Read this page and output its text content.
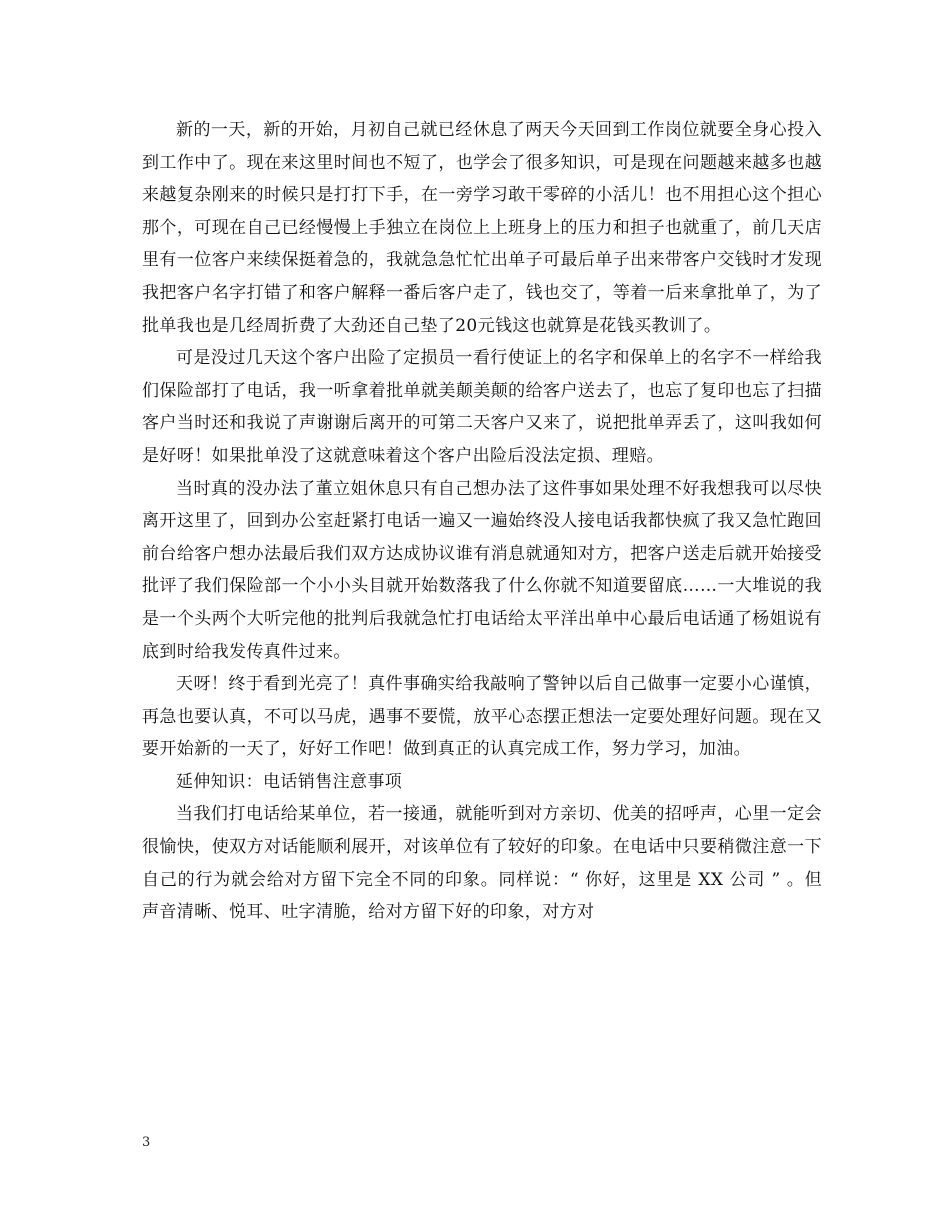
新的一天，新的开始，月初自己就已经休息了两天今天回到工作岗位就要全身心投入到工作中了。现在来这里时间也不短了，也学会了很多知识，可是现在问题越来越多也越来越复杂刚来的时候只是打打下手，在一旁学习敢干零碎的小活儿！也不用担心这个担心那个，可现在自己已经慢慢上手独立在岗位上上班身上的压力和担子也就重了，前几天店里有一位客户来续保挺着急的，我就急急忙忙出单子可最后单子出来带客户交钱时才发现我把客户名字打错了和客户解释一番后客户走了，钱也交了，等着一后来拿批单了，为了批单我也是几经周折费了大劲还自己垫了20元钱这也就算是花钱买教训了。

可是没过几天这个客户出险了定损员一看行使证上的名字和保单上的名字不一样给我们保险部打了电话，我一听拿着批单就美颠美颠的给客户送去了，也忘了复印也忘了扫描客户当时还和我说了声谢谢后离开的可第二天客户又来了，说把批单弄丢了，这叫我如何是好呀！如果批单没了这就意味着这个客户出险后没法定损、理赔。

当时真的没办法了董立姐休息只有自己想办法了这件事如果处理不好我想我可以尽快离开这里了，回到办公室赶紧打电话一遍又一遍始终没人接电话我都快疯了我又急忙跑回前台给客户想办法最后我们双方达成协议谁有消息就通知对方，把客户送走后就开始接受批评了我们保险部一个小小头目就开始数落我了什么你就不知道要留底……一大堆说的我是一个头两个大听完他的批判后我就急忙打电话给太平洋出单中心最后电话通了杨姐说有底到时给我发传真件过来。

天呀！终于看到光亮了！真件事确实给我敲响了警钟以后自己做事一定要小心谨慎，再急也要认真，不可以马虎，遇事不要慌，放平心态摆正想法一定要处理好问题。现在又要开始新的一天了，好好工作吧！做到真正的认真完成工作，努力学习，加油。

延伸知识：电话销售注意事项

当我们打电话给某单位，若一接通，就能听到对方亲切、优美的招呼声，心里一定会很愉快，使双方对话能顺利展开，对该单位有了较好的印象。在电话中只要稍微注意一下自己的行为就会给对方留下完全不同的印象。同样说：“ 你好，这里是 XX 公司 ” 。但声音清晰、悦耳、吐字清脆，给对方留下好的印象，对方对

3
